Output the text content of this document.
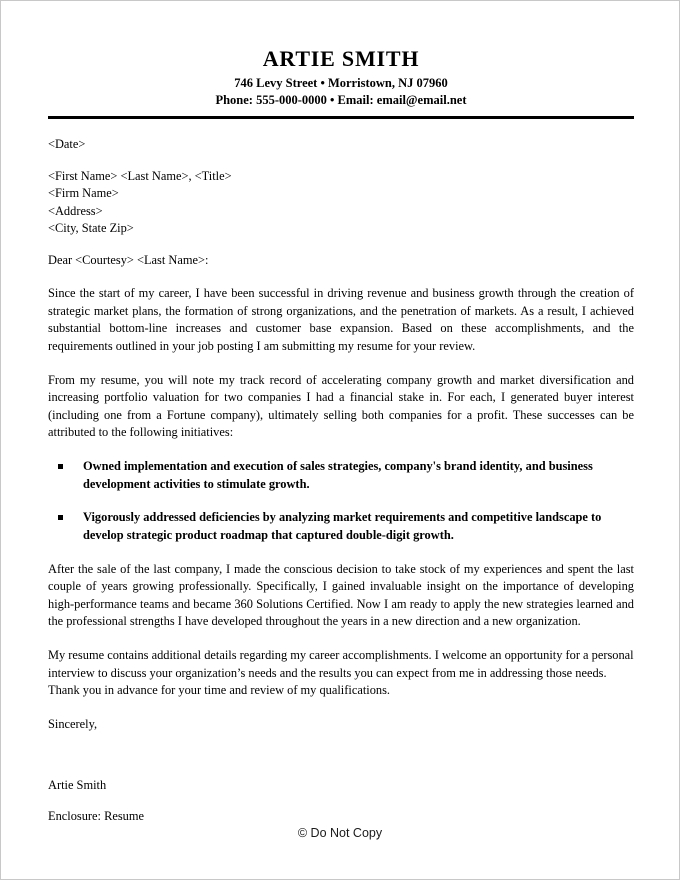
ARTIE SMITH
746 Levy Street • Morristown, NJ 07960
Phone: 555-000-0000 • Email: email@email.net

<Date>

<First Name> <Last Name>, <Title>

<Firm Name>

<Address>

<City, State Zip>

Dear <Courtesy> <Last Name>:

Since the start of my career, I have been successful in driving revenue and business growth through the creation of strategic market plans, the formation of strong organizations, and the penetration of markets. As a result, I achieved substantial bottom-line increases and customer base expansion. Based on these accomplishments, and the requirements outlined in your job posting I am submitting my resume for your review.

From my resume, you will note my track record of accelerating company growth and market diversification and increasing portfolio valuation for two companies I had a financial stake in. For each, I generated buyer interest (including one from a Fortune company), ultimately selling both companies for a profit. These successes can be attributed to the following initiatives:

Owned implementation and execution of sales strategies, company's brand identity, and business development activities to stimulate growth.
Vigorously addressed deficiencies by analyzing market requirements and competitive landscape to develop strategic product roadmap that captured double-digit growth.

After the sale of the last company, I made the conscious decision to take stock of my experiences and spent the last couple of years growing professionally. Specifically, I gained invaluable insight on the importance of developing high-performance teams and became 360 Solutions Certified. Now I am ready to apply the new strategies learned and the professional strengths I have developed throughout the years in a new direction and a new organization.

My resume contains additional details regarding my career accomplishments. I welcome an opportunity for a personal interview to discuss your organization’s needs and the results you can expect from me in addressing those needs. Thank you in advance for your time and review of my qualifications.

Sincerely,

Artie Smith

Enclosure: Resume

© Do Not Copy
